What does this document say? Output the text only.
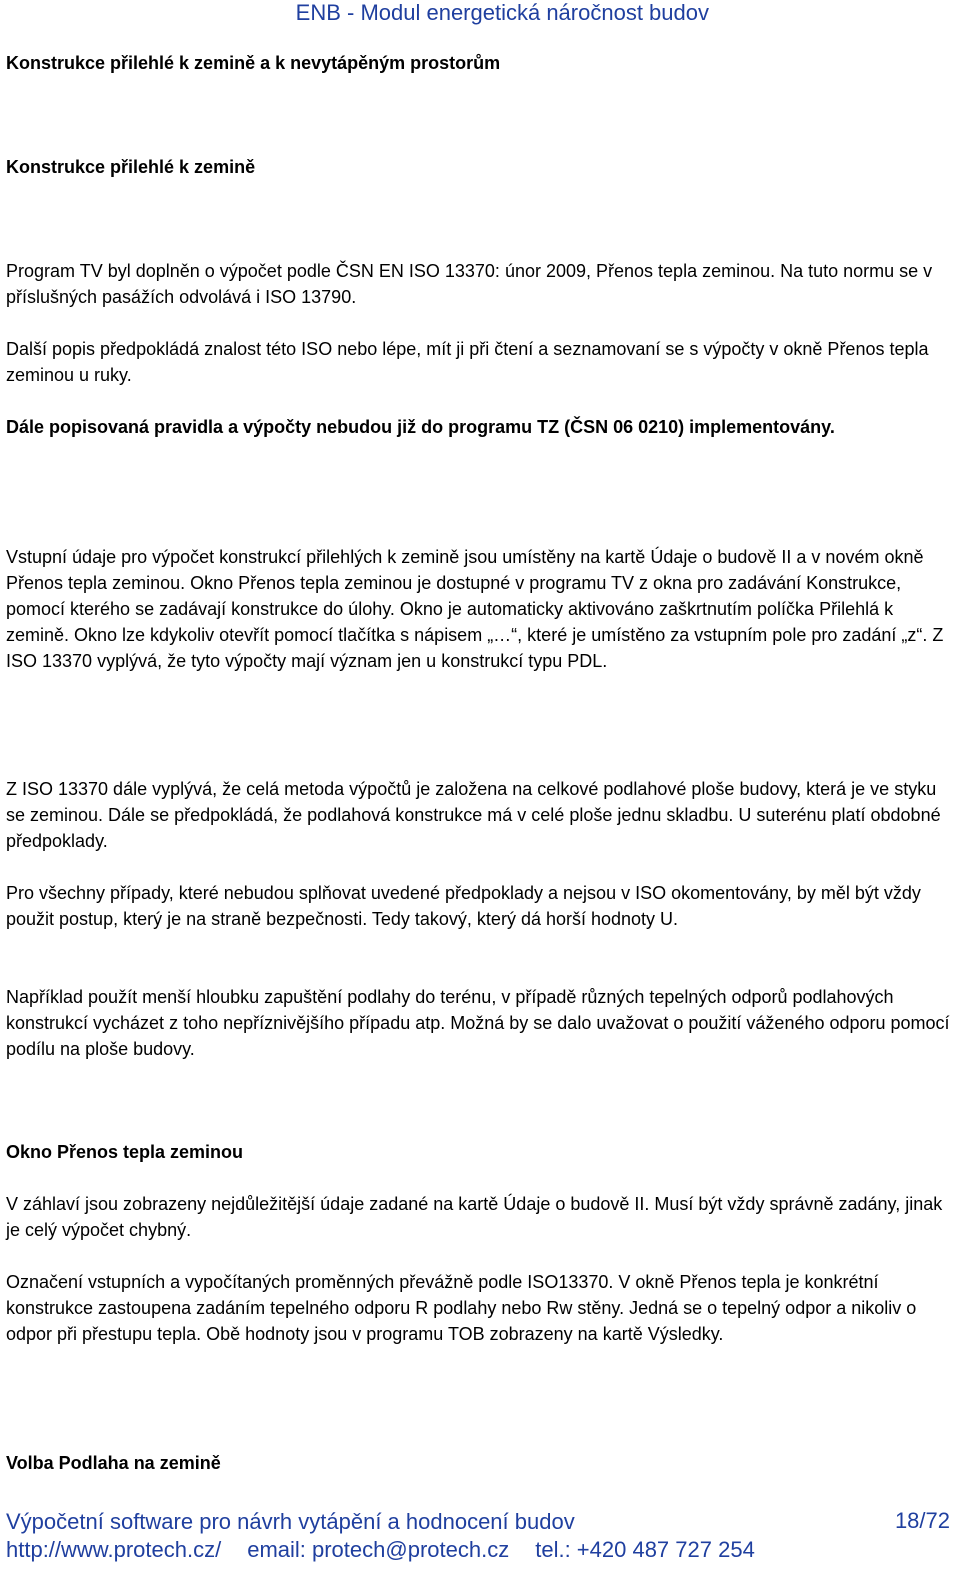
ENB - Modul energetická náročnost budov

Konstrukce přilehlé k zemině a k nevytápěným prostorům

Konstrukce přilehlé k zemině

Program TV byl doplněn o výpočet podle ČSN EN ISO 13370: únor 2009, Přenos tepla zeminou. Na tuto normu se v příslušných pasážích odvolává i ISO 13790.

Další popis předpokládá znalost této ISO nebo lépe, mít ji při čtení a seznamovaní se s výpočty v okně Přenos tepla zeminou u ruky.

Dále popisovaná pravidla a výpočty nebudou již do programu TZ (ČSN 06 0210) implementovány.

Vstupní údaje pro výpočet konstrukcí přilehlých k zemině jsou umístěny na kartě Údaje o budově II a v novém okně Přenos tepla zeminou. Okno Přenos tepla zeminou je dostupné v programu TV z okna pro zadávání Konstrukce, pomocí kterého se zadávají konstrukce do úlohy. Okno je automaticky aktivováno zaškrtnutím políčka Přilehlá k zemině. Okno lze kdykoliv otevřít pomocí tlačítka s nápisem „…“, které je umístěno za vstupním pole pro zadání „z“. Z ISO 13370 vyplývá, že tyto výpočty mají význam jen u konstrukcí typu PDL.

Z ISO 13370 dále vyplývá, že celá metoda výpočtů je založena na celkové podlahové ploše budovy, která je ve styku se zeminou. Dále se předpokládá, že podlahová konstrukce má v celé ploše jednu skladbu. U suterénu platí obdobné předpoklady.

Pro všechny případy, které nebudou splňovat uvedené předpoklady a nejsou v ISO okomentovány, by měl být vždy použit postup, který je na straně bezpečnosti. Tedy takový, který dá horší hodnoty U.

Například použít menší hloubku zapuštění podlahy do terénu, v případě různých tepelných odporů podlahových konstrukcí vycházet z toho nepříznivějšího případu atp. Možná by se dalo uvažovat o použití váženého odporu pomocí podílu na ploše budovy.

Okno Přenos tepla zeminou

V záhlaví jsou zobrazeny nejdůležitější údaje zadané na kartě Údaje o budově II. Musí být vždy správně zadány, jinak je celý výpočet chybný.

Označení vstupních a vypočítaných proměnných převážně podle ISO13370. V okně Přenos tepla je konkrétní konstrukce zastoupena zadáním tepelného odporu R podlahy nebo Rw stěny. Jedná se o tepelný odpor a nikoliv o odpor při přestupu tepla. Obě hodnoty jsou v programu TOB zobrazeny na kartě Výsledky.

Volba Podlaha na zemině

Výpočetní software pro návrh vytápění a hodnocení budov
http://www.protech.cz/ email: protech@protech.cz tel.: +420 487 727 254
18/72
